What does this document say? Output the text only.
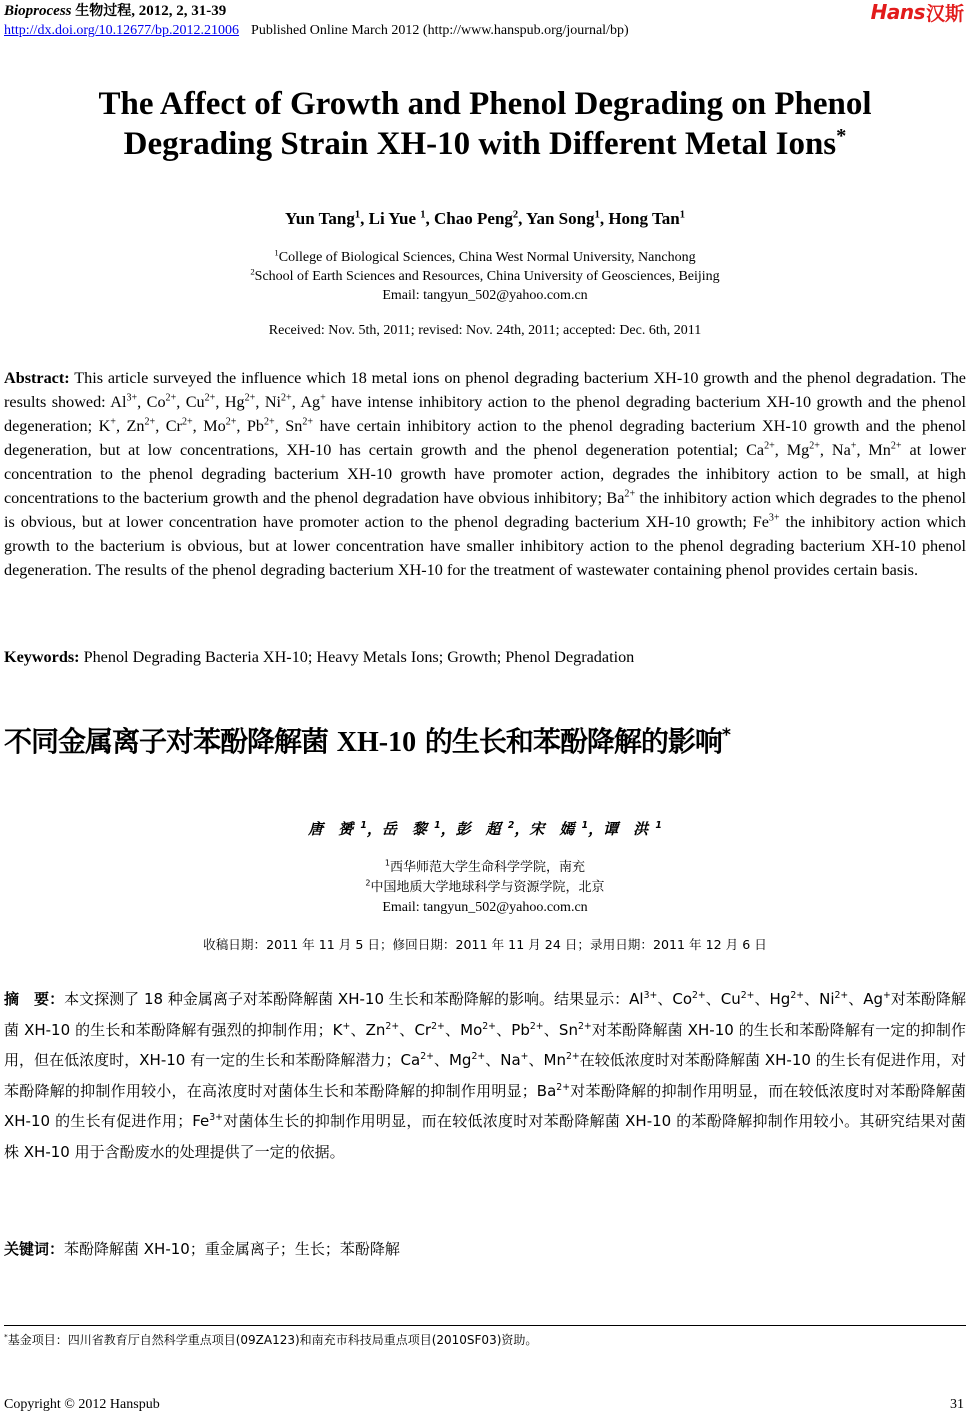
Bioprocess 生物过程, 2012, 2, 31-39
http://dx.doi.org/10.12677/bp.2012.21006 Published Online March 2012 (http://www.hanspub.org/journal/bp)
Hans 汉斯
The Affect of Growth and Phenol Degrading on Phenol
Degrading Strain XH-10 with Different Metal Ions*
Yun Tang$^1$, Li Yue $^1$, Chao Peng$^2$, Yan Song$^1$, Hong Tan$^1$
$^1$College of Biological Sciences, China West Normal University, Nanchong
$^2$School of Earth Sciences and Resources, China University of Geosciences, Beijing
Email: tangyun_502@yahoo.com.cn
Received: Nov. 5th, 2011; revised: Nov. 24th, 2011; accepted: Dec. 6th, 2011

Abstract: This article surveyed the influence which 18 metal ions on phenol degrading bacterium XH-10 growth and the phenol degradation. The results showed: $Al^{3+}$, $Co^{2+}$, $Cu^{2+}$, $Hg^{2+}$, $Ni^{2+}$, Ag+ have intense inhibitory action to the phenol degrading bacterium XH-10 growth and the phenol degeneration; K+, $Zn^{2+}$, $Cr^{2+}$, $Mo^{2+}$, $Pb^{2+}$, $Sn^{2+}$ have certain inhibitory action to the phenol degrading bacterium XH-10 growth and the phenol degeneration, but at low concentrations, XH-10 has certain growth and the phenol degeneration potential; $Ca^{2+}$, $Mg^{2+}$, Na+, $Mn^{2+}$ at lower concentration to the phenol degrading bacterium XH-10 growth have promoter action, degrades the inhibitory action to be small, at high concentrations to the bacterium growth and the phenol degradation have obvious inhibitory; $Ba^{2+}$ the inhibitory action which degrades to the phenol is obvious, but at lower concentration have promoter action to the phenol degrading bacterium XH-10 growth; $Fe^{3+}$ the inhibitory action which growth to the bacterium is obvious, but at lower concentration have smaller inhibitory action to the phenol degrading bacterium XH-10 phenol degeneration. The results of the phenol degrading bacterium XH-10 for the treatment of wastewater containing phenol provides certain basis.

Keywords: Phenol Degrading Bacteria XH-10; Heavy Metals Ions; Growth; Phenol Degradation

不同金属离子对苯酚降解菌 XH-10 的生长和苯酚降解的影响*
唐　赟 $^1$，岳　黎 $^1$，彭　超 $^2$，宋　嫣 $^1$，谭　洪 $^1$
$^1$西华师范大学生命科学学院，南充
$^2$中国地质大学地球科学与资源学院，北京
Email: tangyun_502@yahoo.com.cn
收稿日期：2011 年 11 月 5 日；修回日期：2011 年 11 月 24 日；录用日期：2011 年 12 月 6 日

摘　要：本文探测了 18 种金属离子对苯酚降解菌 XH-10 生长和苯酚降解的影响。结果显示：$Al^{3+}$、$Co^{2+}$、$Cu^{2+}$、$Hg^{2+}$、$Ni^{2+}$、Ag+对苯酚降解菌 XH-10 的生长和苯酚降解有强烈的抑制作用；K+、$Zn^{2+}$、$Cr^{2+}$、$Mo^{2+}$、$Pb^{2+}$、$Sn^{2+}$对苯酚降解菌 XH-10 的生长和苯酚降解有一定的抑制作用，但在低浓度时，XH-10 有一定的生长和苯酚降解潜力；$Ca^{2+}$、$Mg^{2+}$、Na+、$Mn^{2+}$在较低浓度时对苯酚降解菌 XH-10 的生长有促进作用，对苯酚降解的抑制作用较小，在高浓度时对菌体生长和苯酚降解的抑制作用明显；$Ba^{2+}$对苯酚降解的抑制作用明显，而在较低浓度时对苯酚降解菌 XH-10 的生长有促进作用；$Fe^{3+}$对菌体生长的抑制作用明显，而在较低浓度时对苯酚降解菌 XH-10 的苯酚降解抑制作用较小。其研究结果对菌株 XH-10 用于含酚废水的处理提供了一定的依据。

关键词：苯酚降解菌 XH-10；重金属离子；生长；苯酚降解

*基金项目：四川省教育厅自然科学重点项目(09ZA123)和南充市科技局重点项目(2010SF03)资助。
Copyright © 2012 Hanspub	31
